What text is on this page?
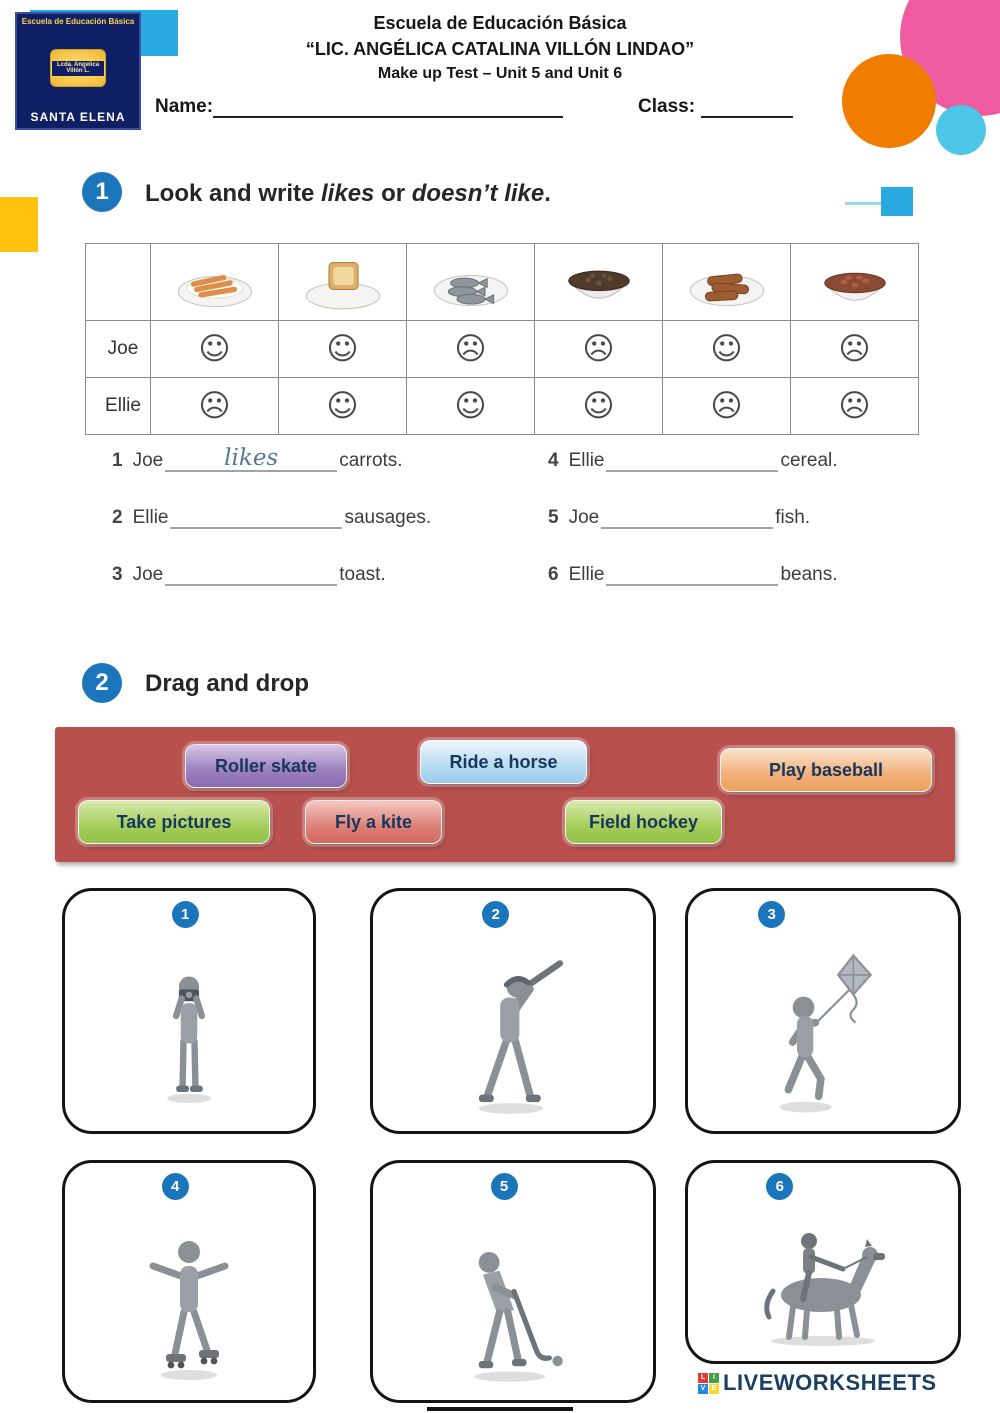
Escuela de Educación Básica
Lcda. Angelica Villón L.
SANTA ELENA
Escuela de Educación Básica
“LIC. ANGÉLICA CATALINA VILLÓN LINDAO”
Make up Test – Unit 5 and Unit 6
Name:	Class:
1	Look and write likes or doesn’t like.

Joe	☺	☺	☹	☹	☺	☹
Ellie	☹	☺	☺	☺	☹	☹
1 Joe	likes	carrots.
2 Ellie	sausages.
3 Joe	toast.
4 Ellie	cereal.
5 Joe	fish.
6 Ellie	beans.
2	Drag and drop
Roller skate	Ride a horse	Play baseball
Take pictures	Fly a kite	Field hockey
1	2	3
4	5	6
L	I
V E LIVEWORKSHEETS
